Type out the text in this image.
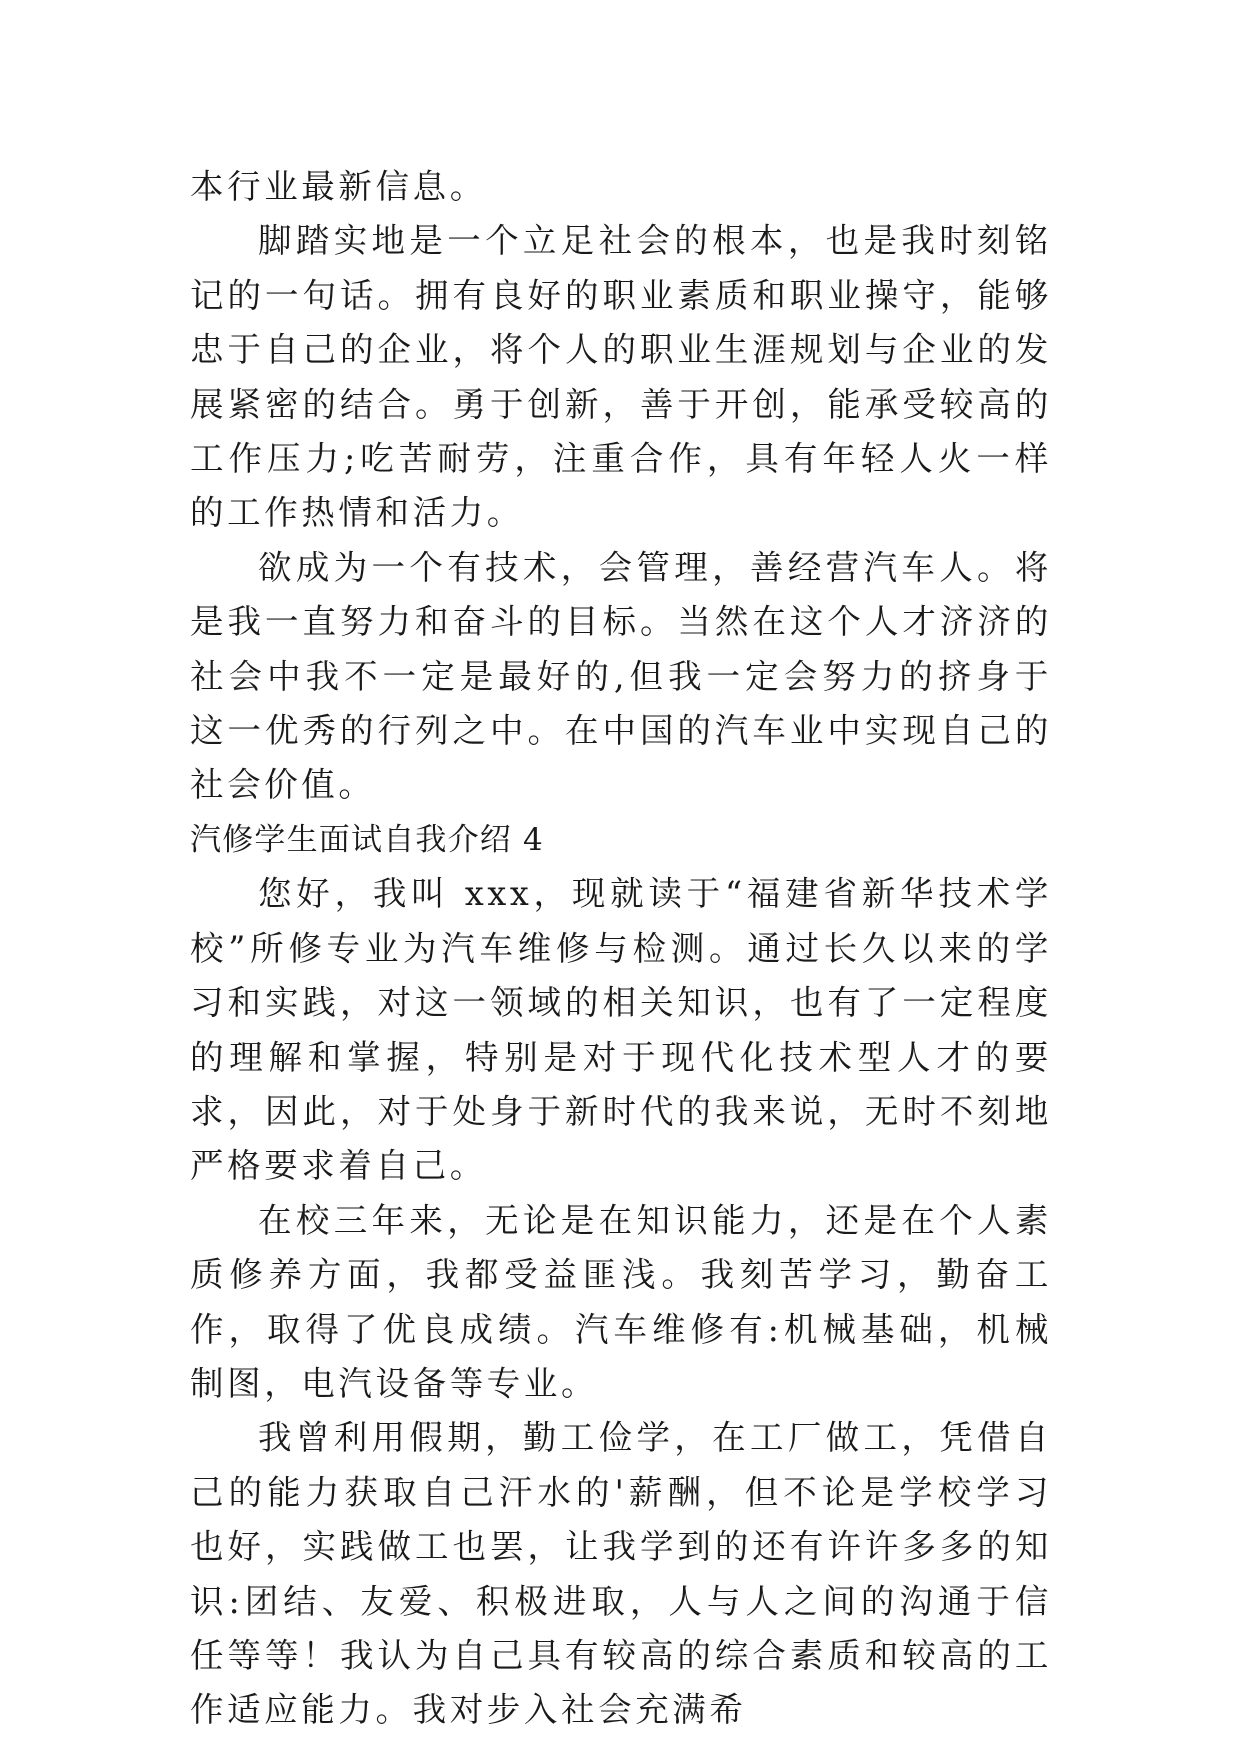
本行业最新信息。

脚踏实地是一个立足社会的根本，也是我时刻铭记的一句话。拥有良好的职业素质和职业操守，能够忠于自己的企业，将个人的职业生涯规划与企业的发展紧密的结合。勇于创新，善于开创，能承受较高的工作压力;吃苦耐劳，注重合作，具有年轻人火一样的工作热情和活力。

欲成为一个有技术，会管理，善经营汽车人。将是我一直努力和奋斗的目标。当然在这个人才济济的社会中我不一定是最好的,但我一定会努力的挤身于这一优秀的行列之中。在中国的汽车业中实现自己的社会价值。

汽修学生面试自我介绍 4

您好，我叫 xxx，现就读于“福建省新华技术学校”所修专业为汽车维修与检测。通过长久以来的学习和实践，对这一领域的相关知识，也有了一定程度的理解和掌握，特别是对于现代化技术型人才的要求，因此，对于处身于新时代的我来说，无时不刻地严格要求着自己。

在校三年来，无论是在知识能力，还是在个人素质修养方面，我都受益匪浅。我刻苦学习，勤奋工作，取得了优良成绩。汽车维修有:机械基础，机械制图，电汽设备等专业。

我曾利用假期，勤工俭学，在工厂做工，凭借自己的能力获取自己汗水的'薪酬，但不论是学校学习也好，实践做工也罢，让我学到的还有许许多多的知识:团结、友爱、积极进取，人与人之间的沟通于信任等等！我认为自己具有较高的综合素质和较高的工作适应能力。我对步入社会充满希
